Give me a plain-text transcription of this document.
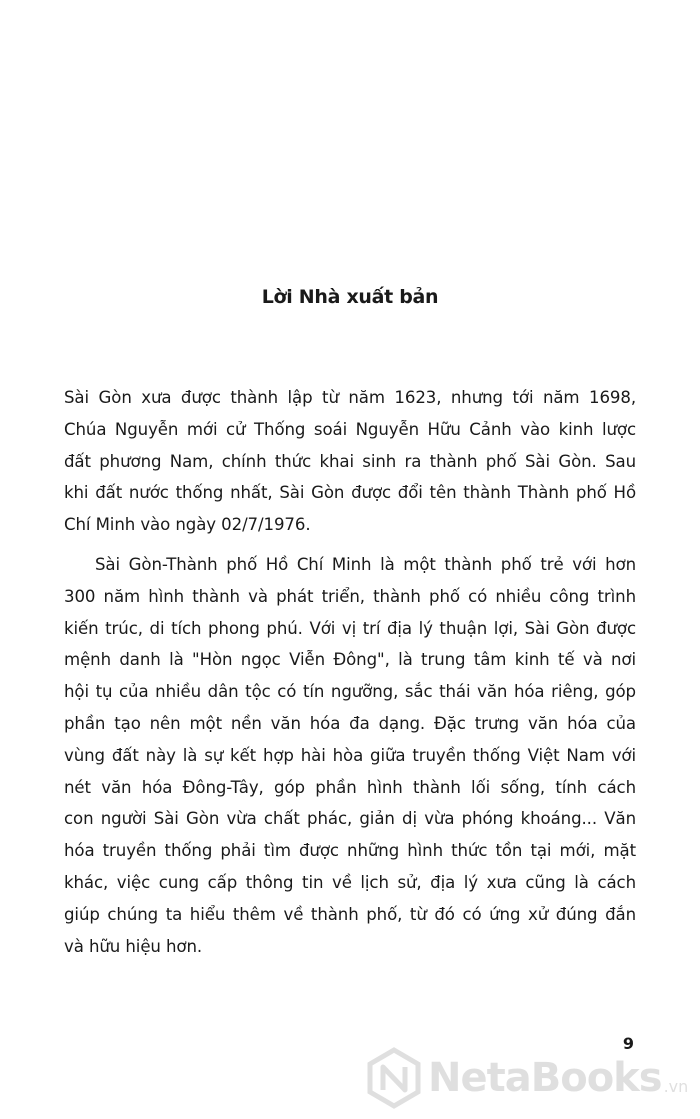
Lời Nhà xuất bản

Sài Gòn xưa được thành lập từ năm 1623, nhưng tới năm 1698,
Chúa Nguyễn mới cử Thống soái Nguyễn Hữu Cảnh vào kinh lược
đất phương Nam, chính thức khai sinh ra thành phố Sài Gòn. Sau
khi đất nước thống nhất, Sài Gòn được đổi tên thành Thành phố Hồ
Chí Minh vào ngày 02/7/1976.

Sài Gòn-Thành phố Hồ Chí Minh là một thành phố trẻ với hơn
300 năm hình thành và phát triển, thành phố có nhiều công trình
kiến trúc, di tích phong phú. Với vị trí địa lý thuận lợi, Sài Gòn được
mệnh danh là "Hòn ngọc Viễn Đông", là trung tâm kinh tế và nơi
hội tụ của nhiều dân tộc có tín ngưỡng, sắc thái văn hóa riêng, góp
phần tạo nên một nền văn hóa đa dạng. Đặc trưng văn hóa của
vùng đất này là sự kết hợp hài hòa giữa truyền thống Việt Nam với
nét văn hóa Đông-Tây, góp phần hình thành lối sống, tính cách
con người Sài Gòn vừa chất phác, giản dị vừa phóng khoáng... Văn
hóa truyền thống phải tìm được những hình thức tồn tại mới, mặt
khác, việc cung cấp thông tin về lịch sử, địa lý xưa cũng là cách
giúp chúng ta hiểu thêm về thành phố, từ đó có ứng xử đúng đắn
và hữu hiệu hơn.

9
NetaBooks .vn
